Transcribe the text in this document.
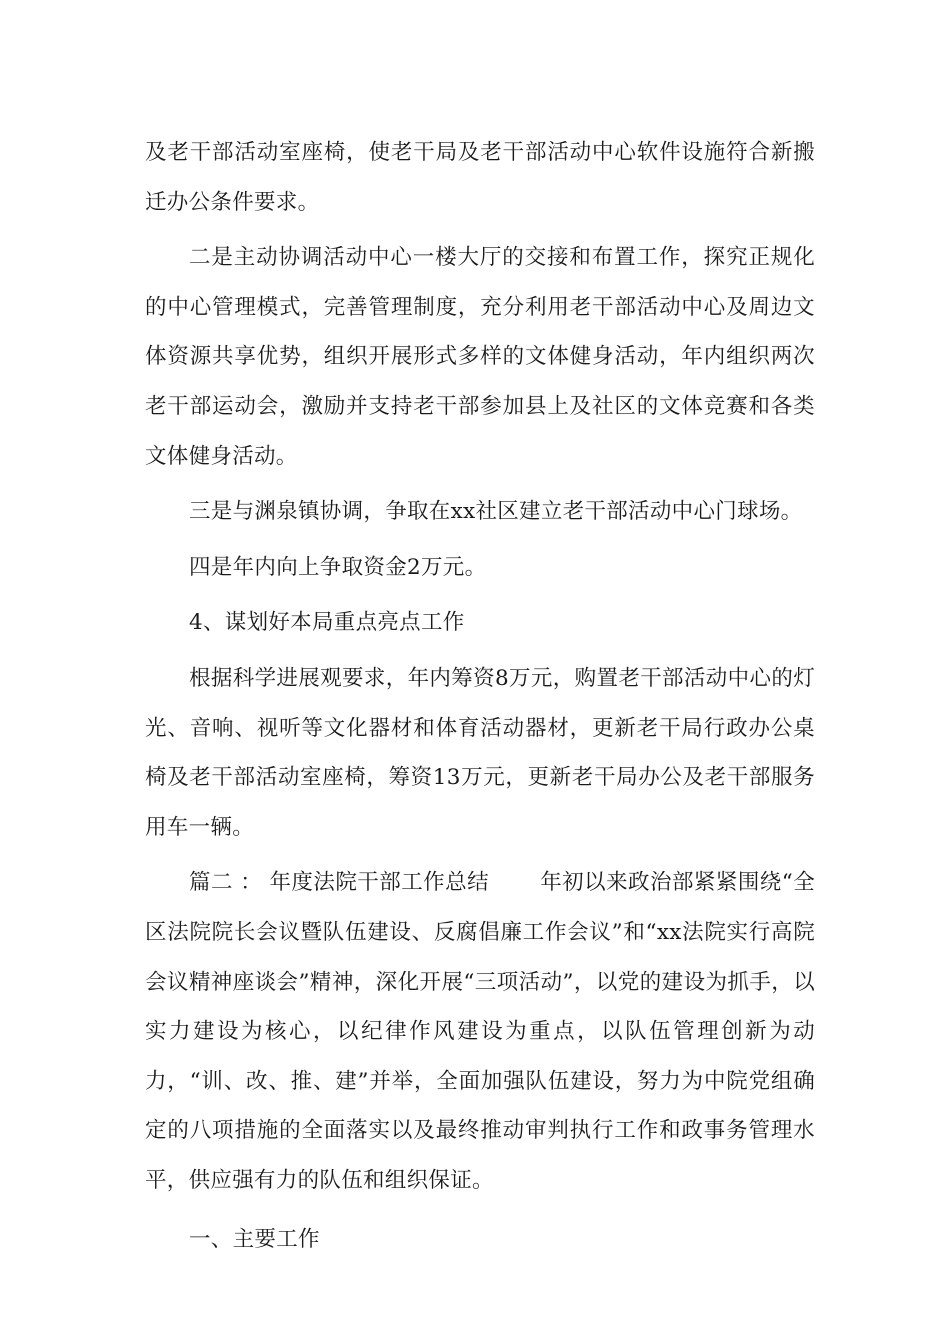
及老干部活动室座椅，使老干局及老干部活动中心软件设施符合新搬迁办公条件要求。

二是主动协调活动中心一楼大厅的交接和布置工作，探究正规化的中心管理模式，完善管理制度，充分利用老干部活动中心及周边文体资源共享优势，组织开展形式多样的文体健身活动，年内组织两次老干部运动会，激励并支持老干部参加县上及社区的文体竞赛和各类文体健身活动。

三是与渊泉镇协调，争取在xx社区建立老干部活动中心门球场。

四是年内向上争取资金2万元。

4、谋划好本局重点亮点工作

根据科学进展观要求，年内筹资8万元，购置老干部活动中心的灯光、音响、视听等文化器材和体育活动器材，更新老干局行政办公桌椅及老干部活动室座椅，筹资13万元，更新老干局办公及老干部服务用车一辆。

篇二 ： 年度法院干部工作总结　　 年初以来政治部紧紧围绕“全区法院院长会议暨队伍建设、反腐倡廉工作会议”和“xx法院实行高院会议精神座谈会”精神，深化开展“三项活动”，以党的建设为抓手，以实力建设为核心，以纪律作风建设为重点，以队伍管理创新为动力，“训、改、推、建”并举，全面加强队伍建设，努力为中院党组确定的八项措施的全面落实以及最终推动审判执行工作和政事务管理水平，供应强有力的队伍和组织保证。

一、主要工作
